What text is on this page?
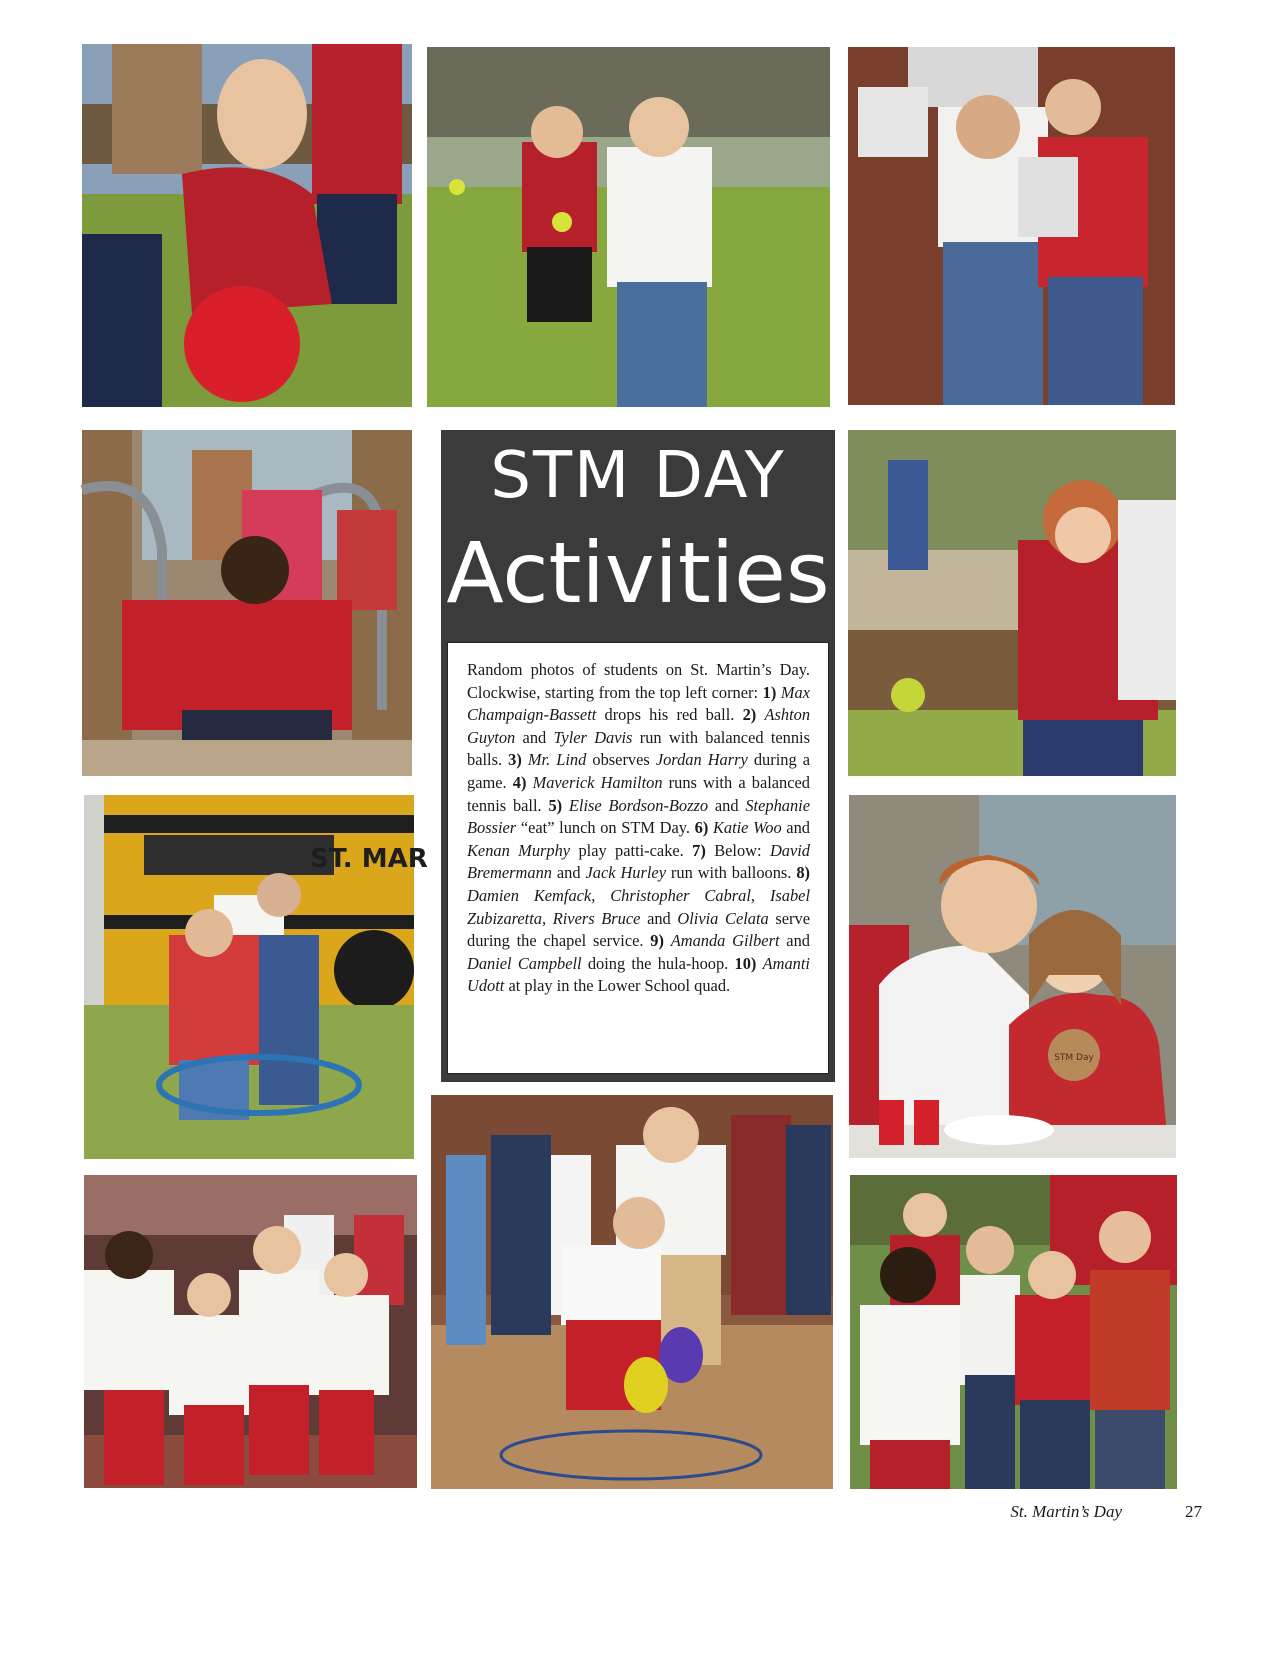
STM DAY
Activities

Random photos of students on St. Martin’s Day. Clockwise, starting from the top left corner: 1) Max Champaign-Bassett drops his red ball. 2) Ashton Guyton and Tyler Davis run with balanced tennis balls. 3) Mr. Lind observes Jordan Harry during a game. 4) Maverick Hamilton runs with a balanced tennis ball. 5) Elise Bordson-Bozzo and Stephanie Bossier “eat” lunch on STM Day. 6) Katie Woo and Kenan Murphy play patti-cake. 7) Below: David Bremermann and Jack Hurley run with balloons. 8) Damien Kemfack, Christopher Cabral, Isabel Zubizaretta, Rivers Bruce and Olivia Celata serve during the chapel service. 9) Amanda Gilbert and Daniel Campbell doing the hula-hoop. 10) Amanti Udott at play in the Lower School quad.

ST. MAR
STM Day
St. Martin’s Day	27
